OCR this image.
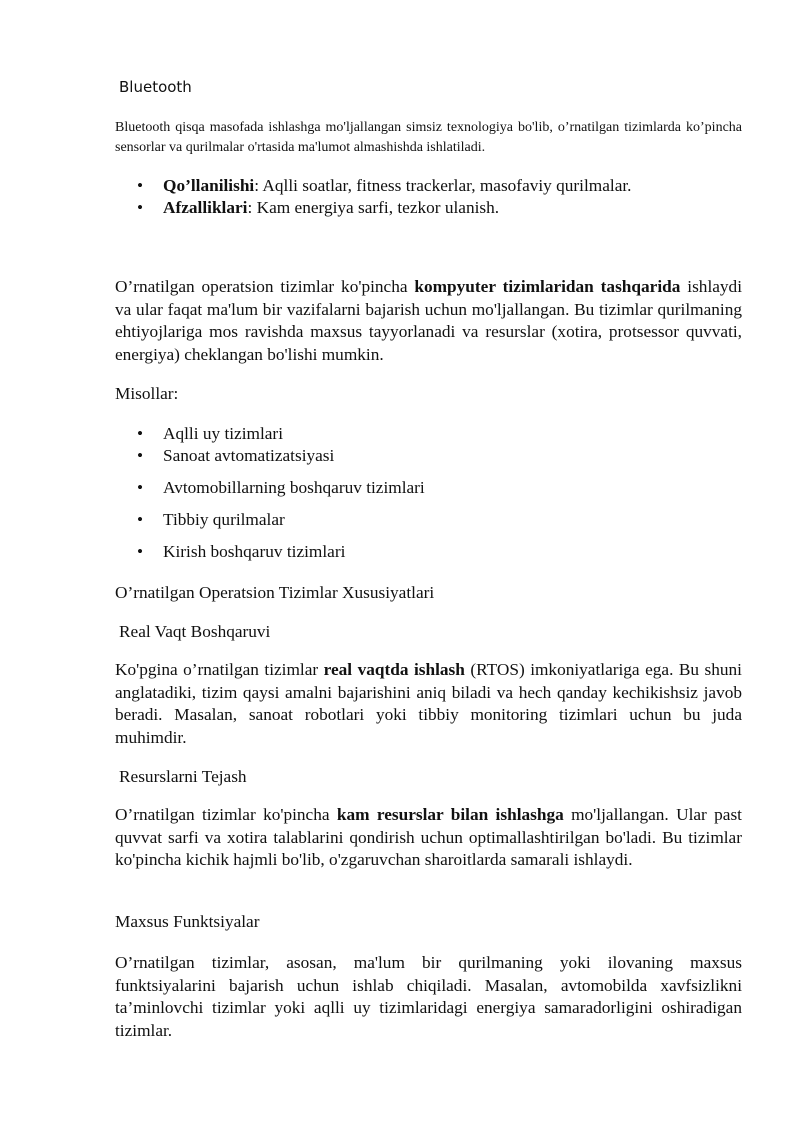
Bluetooth

Bluetooth qisqa masofada ishlashga mo'ljallangan simsiz texnologiya bo'lib, o’rnatilgan tizimlarda ko’pincha sensorlar va qurilmalar o'rtasida ma'lumot almashishda ishlatiladi.

• Qo’llanilishi: Aqlli soatlar, fitness trackerlar, masofaviy qurilmalar.
• Afzalliklari: Kam energiya sarfi, tezkor ulanish.

O’rnatilgan operatsion tizimlar ko'pincha kompyuter tizimlaridan tashqarida ishlaydi va ular faqat ma'lum bir vazifalarni bajarish uchun mo'ljallangan. Bu tizimlar qurilmaning ehtiyojlariga mos ravishda maxsus tayyorlanadi va resurslar (xotira, protsessor quvvati, energiya) cheklangan bo'lishi mumkin.

Misollar:

• Aqlli uy tizimlari
• Sanoat avtomatizatsiyasi
• Avtomobillarning boshqaruv tizimlari
• Tibbiy qurilmalar
• Kirish boshqaruv tizimlari
O’rnatilgan Operatsion Tizimlar Xususiyatlari
Real Vaqt Boshqaruvi

Ko'pgina o’rnatilgan tizimlar real vaqtda ishlash (RTOS) imkoniyatlariga ega. Bu shuni anglatadiki, tizim qaysi amalni bajarishini aniq biladi va hech qanday kechikishsiz javob beradi. Masalan, sanoat robotlari yoki tibbiy monitoring tizimlari uchun bu juda muhimdir.

Resurslarni Tejash

O’rnatilgan tizimlar ko'pincha kam resurslar bilan ishlashga mo'ljallangan. Ular past quvvat sarfi va xotira talablarini qondirish uchun optimallashtirilgan bo'ladi. Bu tizimlar ko'pincha kichik hajmli bo'lib, o'zgaruvchan sharoitlarda samarali ishlaydi.

Maxsus Funktsiyalar

O’rnatilgan tizimlar, asosan, ma'lum bir qurilmaning yoki ilovaning maxsus funktsiyalarini bajarish uchun ishlab chiqiladi. Masalan, avtomobilda xavfsizlikni ta’minlovchi tizimlar yoki aqlli uy tizimlaridagi energiya samaradorligini oshiradigan tizimlar.
